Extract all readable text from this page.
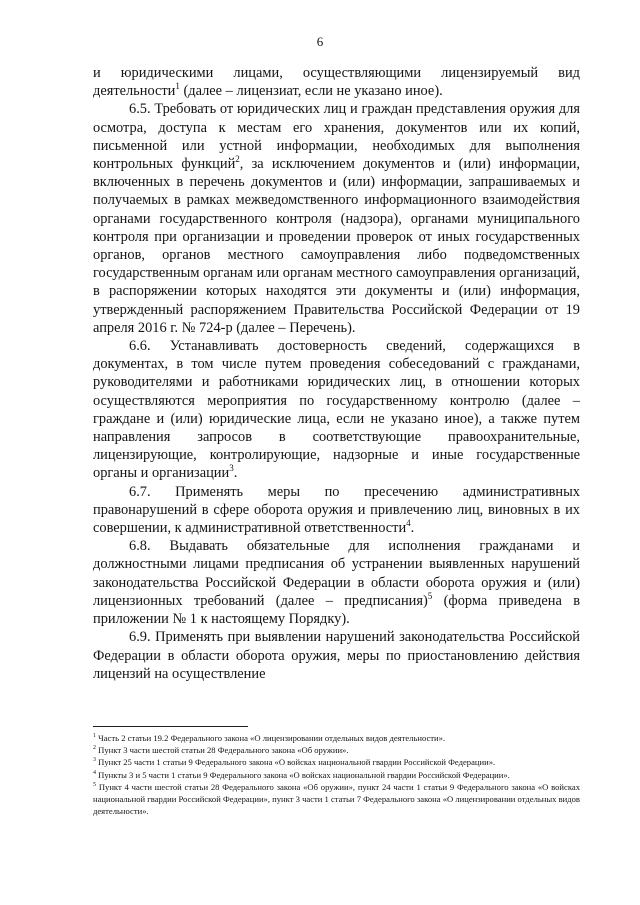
6

и юридическими лицами, осуществляющими лицензируемый вид деятельности$^1$ (далее – лицензиат, если не указано иное).

6.5. Требовать от юридических лиц и граждан представления оружия для осмотра, доступа к местам его хранения, документов или их копий, письменной или устной информации, необходимых для выполнения контрольных функций$^2$, за исключением документов и (или) информации, включенных в перечень документов и (или) информации, запрашиваемых и получаемых в рамках межведомственного информационного взаимодействия органами государственного контроля (надзора), органами муниципального контроля при организации и проведении проверок от иных государственных органов, органов местного самоуправления либо подведомственных государственным органам или органам местного самоуправления организаций, в распоряжении которых находятся эти документы и (или) информация, утвержденный распоряжением Правительства Российской Федерации от 19 апреля 2016 г. № 724-р (далее – Перечень).

6.6. Устанавливать достоверность сведений, содержащихся в документах, в том числе путем проведения собеседований с гражданами, руководителями и работниками юридических лиц, в отношении которых осуществляются мероприятия по государственному контролю (далее – граждане и (или) юридические лица, если не указано иное), а также путем направления запросов в соответствующие правоохранительные, лицензирующие, контролирующие, надзорные и иные государственные органы и организации$^3$.

6.7. Применять меры по пресечению административных правонарушений в сфере оборота оружия и привлечению лиц, виновных в их совершении, к административной ответственности$^4$.

6.8. Выдавать обязательные для исполнения гражданами и должностными лицами предписания об устранении выявленных нарушений законодательства Российской Федерации в области оборота оружия и (или) лицензионных требований (далее – предписания)$^5$ (форма приведена в приложении № 1 к настоящему Порядку).

6.9. Применять при выявлении нарушений законодательства Российской Федерации в области оборота оружия, меры по приостановлению действия лицензий на осуществление

$^1$ Часть 2 статьи 19.2 Федерального закона «О лицензировании отдельных видов деятельности».

$^2$ Пункт 3 части шестой статьи 28 Федерального закона «Об оружии».

$^3$ Пункт 25 части 1 статьи 9 Федерального закона «О войсках национальной гвардии Российской Федерации».

$^4$ Пункты 3 и 5 части 1 статьи 9 Федерального закона «О войсках национальной гвардии Российской Федерации».

$^5$ Пункт 4 части шестой статьи 28 Федерального закона «Об оружии», пункт 24 части 1 статьи 9 Федерального закона «О войсках национальной гвардии Российской Федерации», пункт 3 части 1 статьи 7 Федерального закона «О лицензировании отдельных видов деятельности».
